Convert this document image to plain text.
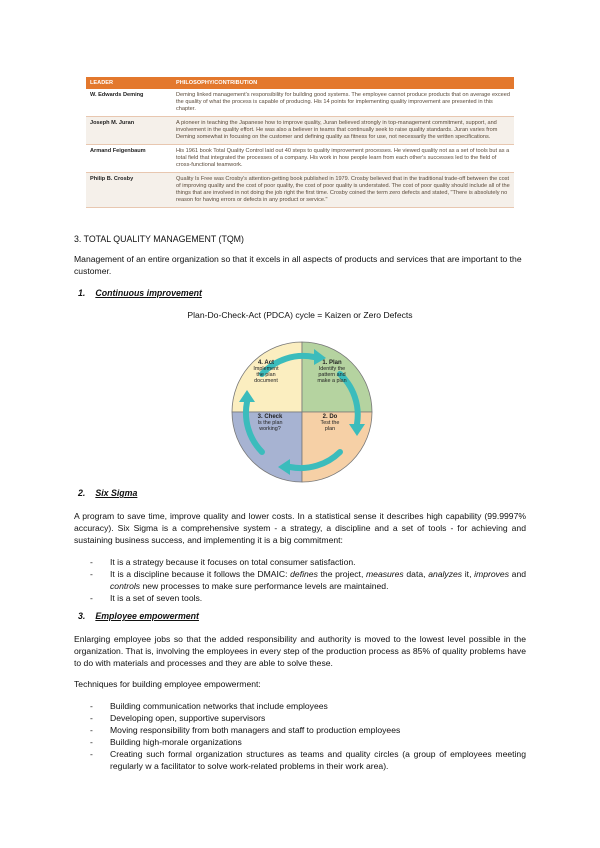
LEADER	PHILOSOPHY/CONTRIBUTION
W. Edwards Deming	Deming linked management's responsibility for building good systems. The employee cannot produce products that on average exceed the quality of what the process is capable of producing. His 14 points for implementing quality improvement are presented in this chapter.
Joseph M. Juran	A pioneer in teaching the Japanese how to improve quality, Juran believed strongly in top-management commitment, support, and involvement in the quality effort. He was also a believer in teams that continually seek to raise quality standards. Juran varies from Deming somewhat in focusing on the customer and defining quality as fitness for use, not necessarily the written specifications.
Armand Feigenbaum	His 1961 book Total Quality Control laid out 40 steps to quality improvement processes. He viewed quality not as a set of tools but as a total field that integrated the processes of a company. His work in how people learn from each other's successes led to the field of cross-functional teamwork.
Philip B. Crosby	Quality Is Free was Crosby's attention-getting book published in 1979. Crosby believed that in the traditional trade-off between the cost of improving quality and the cost of poor quality, the cost of poor quality is understated. The cost of poor quality should include all of the things that are involved in not doing the job right the first time. Crosby coined the term zero defects and stated, "There is absolutely no reason for having errors or defects in any product or service."
3. TOTAL QUALITY MANAGEMENT (TQM)
Management of an entire organization so that it excels in all aspects of products and services that are important to the customer.
1. Continuous improvement
Plan-Do-Check-Act (PDCA) cycle = Kaizen or Zero Defects
4. Act
Implement
the plan
document
1. Plan
Identify the
pattern and
make a plan
3. Check
Is the plan
working?
2. Do
Test the
plan
2. Six Sigma
A program to save time, improve quality and lower costs. In a statistical sense it describes high capability (99.9997% accuracy). Six Sigma is a comprehensive system - a strategy, a discipline and a set of tools - for achieving and sustaining business success, and implementing it is a big commitment:
- It is a strategy because it focuses on total consumer satisfaction.
- It is a discipline because it follows the DMAIC: defines the project, measures data, analyzes it, improves and controls new processes to make sure performance levels are maintained.
- It is a set of seven tools.
3. Employee empowerment
Enlarging employee jobs so that the added responsibility and authority is moved to the lowest level possible in the organization. That is, involving the employees in every step of the production process as 85% of quality problems have to do with materials and processes and they are able to solve these.
Techniques for building employee empowerment:
- Building communication networks that include employees
- Developing open, supportive supervisors
- Moving responsibility from both managers and staff to production employees
- Building high-morale organizations
- Creating such formal organization structures as teams and quality circles (a group of employees meeting regularly w a facilitator to solve work-related problems in their work area).
